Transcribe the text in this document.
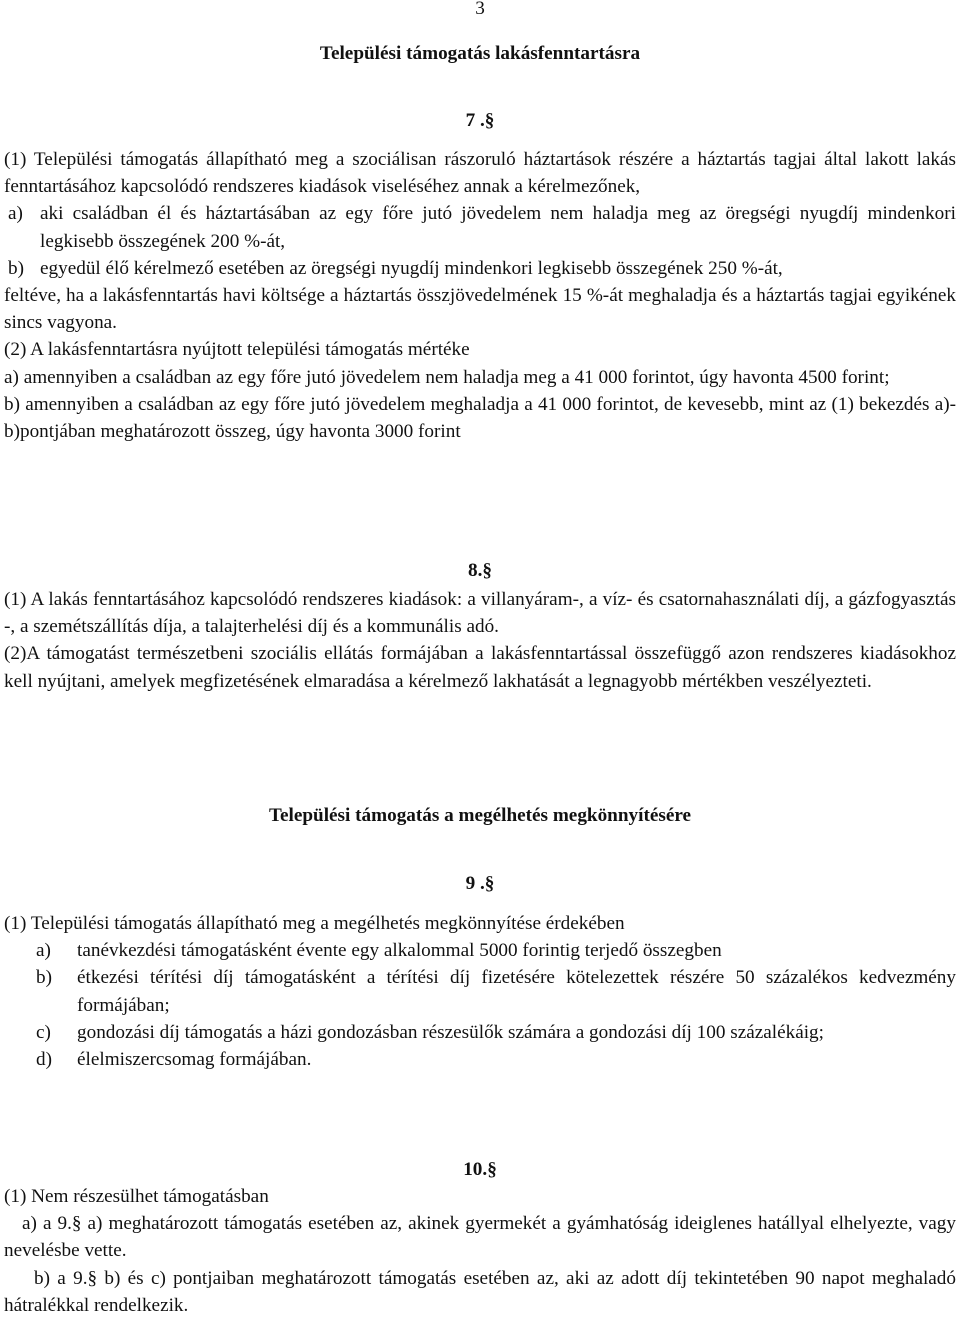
3
Települési támogatás lakásfenntartásra
7 .§

(1) Települési támogatás állapítható meg a szociálisan rászoruló háztartások részére a háztartás tagjai által lakott lakás fenntartásához kapcsolódó rendszeres kiadások viseléséhez annak a kérelmezőnek,

a) aki családban él és háztartásában az egy főre jutó jövedelem nem haladja meg az öregségi nyugdíj mindenkori legkisebb összegének 200 %-át,
b) egyedül élő kérelmező esetében az öregségi nyugdíj mindenkori legkisebb összegének 250 %-át,

feltéve, ha a lakásfenntartás havi költsége a háztartás összjövedelmének 15 %-át meghaladja és a háztartás tagjai egyikének sincs vagyona.

(2) A lakásfenntartásra nyújtott települési támogatás mértéke

a) amennyiben a családban az egy főre jutó jövedelem nem haladja meg a 41 000 forintot, úgy havonta 4500 forint;

b) amennyiben a családban az egy főre jutó jövedelem meghaladja a 41 000 forintot, de kevesebb, mint az (1) bekezdés a)-b)pontjában meghatározott összeg, úgy havonta 3000 forint

8.§

(1) A lakás fenntartásához kapcsolódó rendszeres kiadások: a villanyáram-, a víz- és csatornahasználati díj, a gázfogyasztás -, a szemétszállítás díja, a talajterhelési díj és a kommunális adó.

(2)A támogatást természetbeni szociális ellátás formájában a lakásfenntartással összefüggő azon rendszeres kiadásokhoz kell nyújtani, amelyek megfizetésének elmaradása a kérelmező lakhatását a legnagyobb mértékben veszélyezteti.

Települési támogatás a megélhetés megkönnyítésére
9 .§

(1) Települési támogatás állapítható meg a megélhetés megkönnyítése érdekében

a)	tanévkezdési támogatásként évente egy alkalommal 5000 forintig terjedő összegben
b)	étkezési térítési díj támogatásként a térítési díj fizetésére kötelezettek részére 50 százalékos kedvezmény formájában;
c)	gondozási díj támogatás a házi gondozásban részesülők számára a gondozási díj 100 százalékáig;
d)	élelmiszercsomag formájában.
10.§

(1) Nem részesülhet támogatásban

a) a 9.§ a) meghatározott támogatás esetében az, akinek gyermekét a gyámhatóság ideiglenes hatállyal elhelyezte, vagy nevelésbe vette.

b) a 9.§ b) és c) pontjaiban meghatározott támogatás esetében az, aki az adott díj tekintetében 90 napot meghaladó hátralékkal rendelkezik.
